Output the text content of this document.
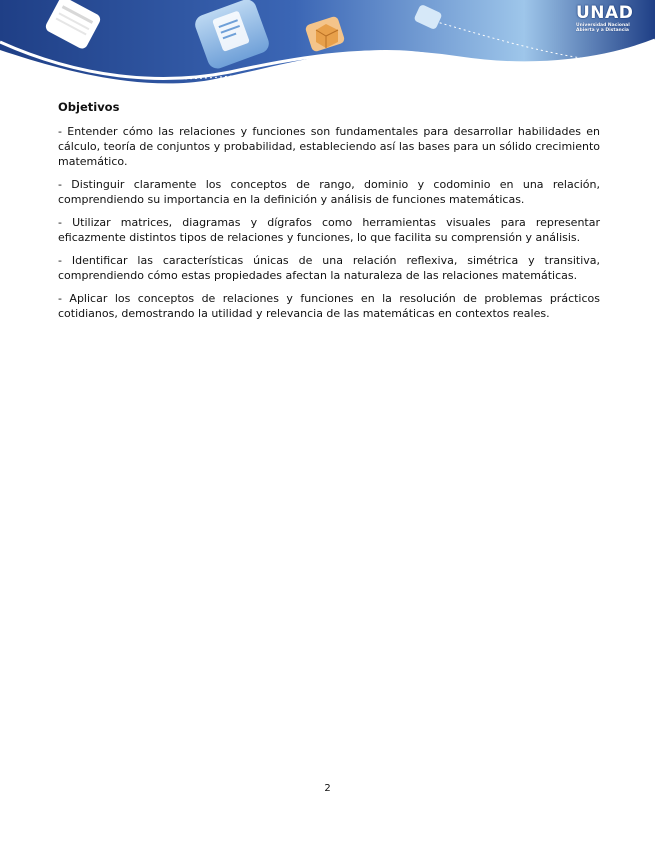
UNAD
Universidad Nacional
Abierta y a Distancia

Objetivos

- Entender cómo las relaciones y funciones son fundamentales para desarrollar habilidades en cálculo, teoría de conjuntos y probabilidad, estableciendo así las bases para un sólido crecimiento matemático.

- Distinguir claramente los conceptos de rango, dominio y codominio en una relación, comprendiendo su importancia en la definición y análisis de funciones matemáticas.

- Utilizar matrices, diagramas y dígrafos como herramientas visuales para representar eficazmente distintos tipos de relaciones y funciones, lo que facilita su comprensión y análisis.

- Identificar las características únicas de una relación reflexiva, simétrica y transitiva, comprendiendo cómo estas propiedades afectan la naturaleza de las relaciones matemáticas.

- Aplicar los conceptos de relaciones y funciones en la resolución de problemas prácticos cotidianos, demostrando la utilidad y relevancia de las matemáticas en contextos reales.

2
